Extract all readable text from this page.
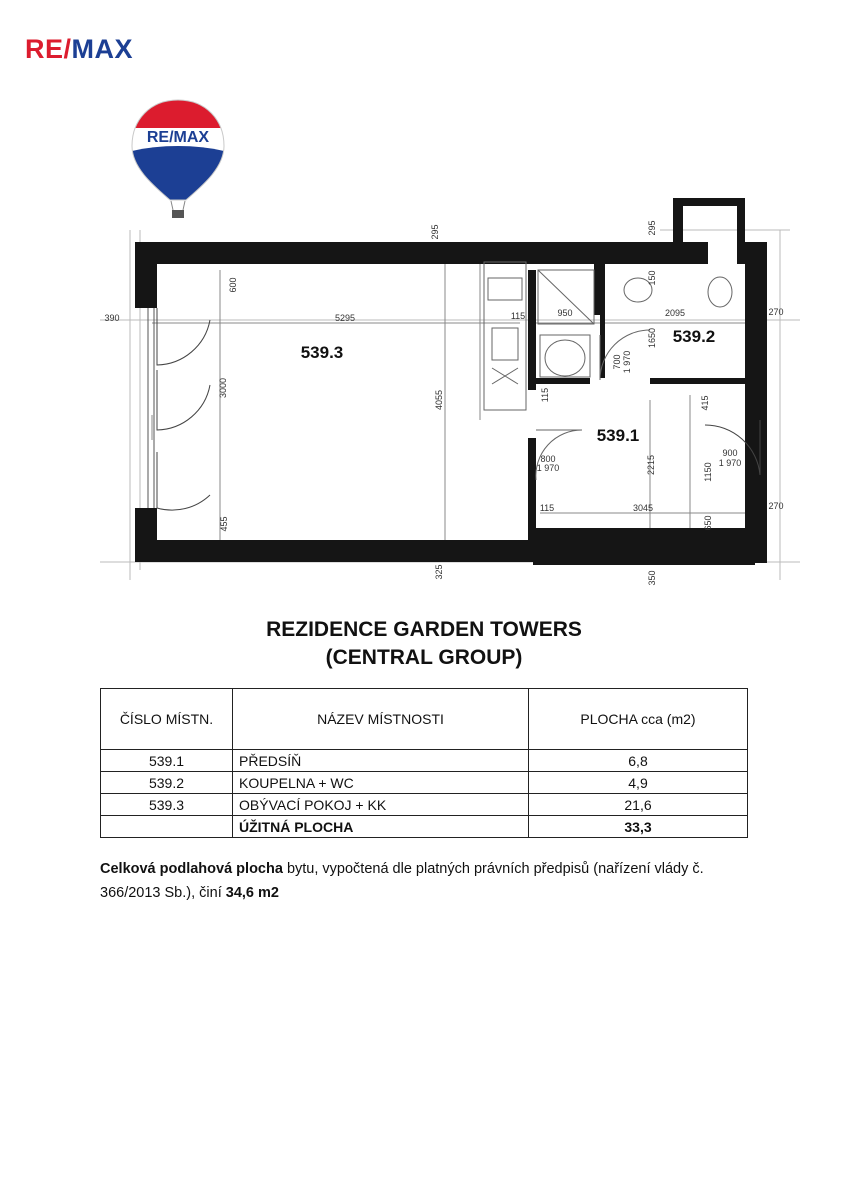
RE/MAX
RE/MAX
539.3
539.2
539.1
295	295
390
270
270
600
5295	115	950	2095
150
1650
3000
4055
700 1 970
115
415
800
1 970	2215
900
1 970
1150
455
115	3045
650
325	350
REZIDENCE GARDEN TOWERS
(CENTRAL GROUP)
ČÍSLO MÍSTN.	NÁZEV MÍSTNOSTI	PLOCHA cca (m2)
539.1	PŘEDSÍŇ	6,8
539.2	KOUPELNA + WC	4,9
539.3	OBÝVACÍ POKOJ + KK	21,6
	ÚŽITNÁ PLOCHA	33,3
Celková podlahová plocha bytu, vypočtená dle platných právních předpisů (nařízení vlády č. 366/2013 Sb.), činí 34,6 m2
